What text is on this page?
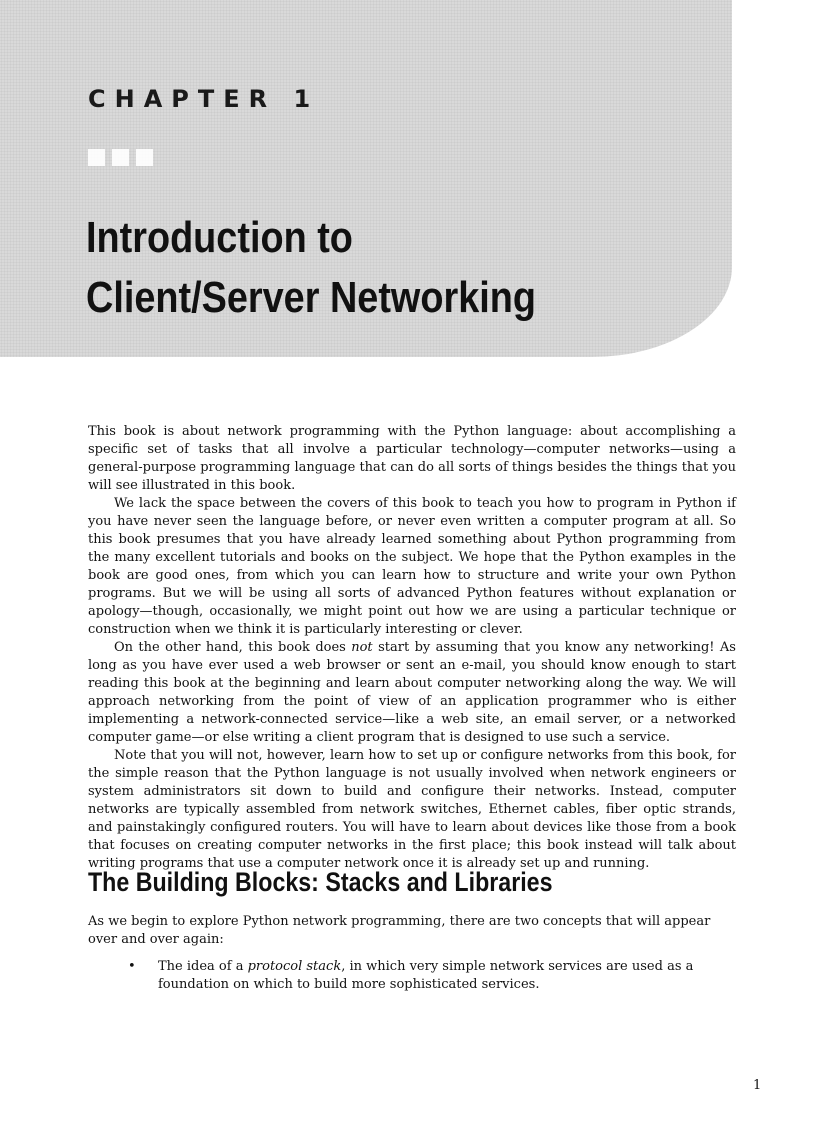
CHAPTER 1
Introduction to
Client/Server Networking

This book is about network programming with the Python language: about accomplishing a specific set of tasks that all involve a particular technology—computer networks—using a general-purpose programming language that can do all sorts of things besides the things that you will see illustrated in this book.

We lack the space between the covers of this book to teach you how to program in Python if you have never seen the language before, or never even written a computer program at all. So this book presumes that you have already learned something about Python programming from the many excellent tutorials and books on the subject. We hope that the Python examples in the book are good ones, from which you can learn how to structure and write your own Python programs. But we will be using all sorts of advanced Python features without explanation or apology—though, occasionally, we might point out how we are using a particular technique or construction when we think it is particularly interesting or clever.

On the other hand, this book does not start by assuming that you know any networking! As long as you have ever used a web browser or sent an e-mail, you should know enough to start reading this book at the beginning and learn about computer networking along the way. We will approach networking from the point of view of an application programmer who is either implementing a network-connected service—like a web site, an email server, or a networked computer game—or else writing a client program that is designed to use such a service.

Note that you will not, however, learn how to set up or configure networks from this book, for the simple reason that the Python language is not usually involved when network engineers or system administrators sit down to build and configure their networks. Instead, computer networks are typically assembled from network switches, Ethernet cables, fiber optic strands, and painstakingly configured routers. You will have to learn about devices like those from a book that focuses on creating computer networks in the first place; this book instead will talk about writing programs that use a computer network once it is already set up and running.

The Building Blocks: Stacks and Libraries

As we begin to explore Python network programming, there are two concepts that will appear over and over again:

•	The idea of a protocol stack, in which very simple network services are used as a foundation on which to build more sophisticated services.
1
